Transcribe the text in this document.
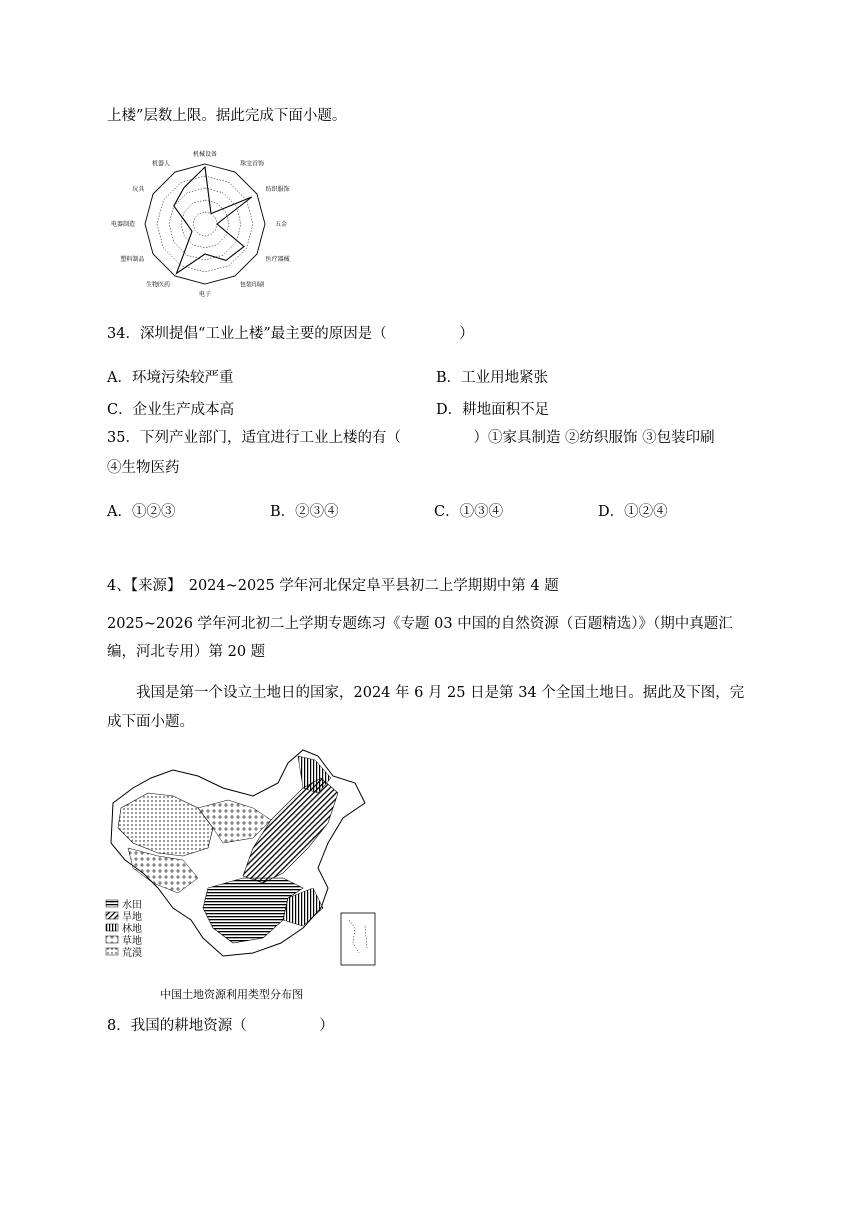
上楼”层数上限。据此完成下面小题。
机械设备
珠宝首饰
纺织服饰
五金
医疗器械
包装印刷
电子
生物医药
塑料制品
电器制造
玩具
机器人
34．深圳提倡“工业上楼”最主要的原因是（　　　　　）
A．环境污染较严重	B．工业用地紧张
C．企业生产成本高	D．耕地面积不足
35．下列产业部门，适宜进行工业上楼的有（　　　　　）①家具制造 ②纺织服饰 ③包装印刷
④生物医药
A．①②③	B．②③④	C．①③④	D．①②④
4、【来源】　2024~2025 学年河北保定阜平县初二上学期期中第 4 题
2025~2026 学年河北初二上学期专题练习《专题 03 中国的自然资源（百题精选）》（期中真题汇
编，河北专用）第 20 题
我国是第一个设立土地日的国家，2024 年 6 月 25 日是第 34 个全国土地日。据此及下图，完
成下面小题。
水田
旱地
林地
草地
荒漠
中国土地资源利用类型分布图
8．我国的耕地资源（　　　　　）
